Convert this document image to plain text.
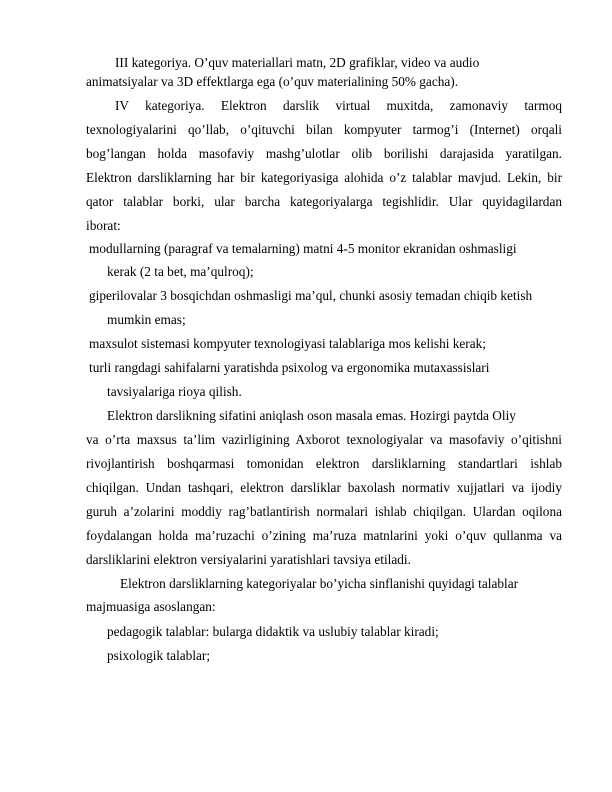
III kategoriya. O’quv materiallari matn, 2D grafiklar, video va audio
animatsiyalar va 3D effektlarga ega (o’quv materialining 50% gacha).
IV kategoriya. Elektron darslik virtual muxitda, zamonaviy tarmoq
texnologiyalarini qo’llab, o’qituvchi bilan kompyuter tarmog’i (Internet) orqali
bog’langan holda masofaviy mashg’ulotlar olib borilishi darajasida yaratilgan.
Elektron darsliklarning har bir kategoriyasiga alohida o’z talablar mavjud. Lekin, bir
qator talablar borki, ular barcha kategoriyalarga tegishlidir. Ular quyidagilardan
iborat:
modullarning (paragraf va temalarning) matni 4-5 monitor ekranidan oshmasligi
kerak (2 ta bet, ma’qulroq);
giperilovalar 3 bosqichdan oshmasligi ma’qul, chunki asosiy temadan chiqib ketish
mumkin emas;
maxsulot sistemasi kompyuter texnologiyasi talablariga mos kelishi kerak;
turli rangdagi sahifalarni yaratishda psixolog va ergonomika mutaxassislari
tavsiyalariga rioya qilish.
Elektron darslikning sifatini aniqlash oson masala emas. Hozirgi paytda Oliy
va o’rta maxsus ta’lim vazirligining Axborot texnologiyalar va masofaviy o’qitishni
rivojlantirish boshqarmasi tomonidan elektron darsliklarning standartlari ishlab
chiqilgan. Undan tashqari, elektron darsliklar baxolash normativ xujjatlari va ijodiy
guruh a’zolarini moddiy rag’batlantirish normalari ishlab chiqilgan. Ulardan oqilona
foydalangan holda ma’ruzachi o’zining ma’ruza matnlarini yoki o’quv qullanma va
darsliklarini elektron versiyalarini yaratishlari tavsiya etiladi.
Elektron darsliklarning kategoriyalar bo’yicha sinflanishi quyidagi talablar
majmuasiga asoslangan:
pedagogik talablar: bularga didaktik va uslubiy talablar kiradi;
psixologik talablar;
